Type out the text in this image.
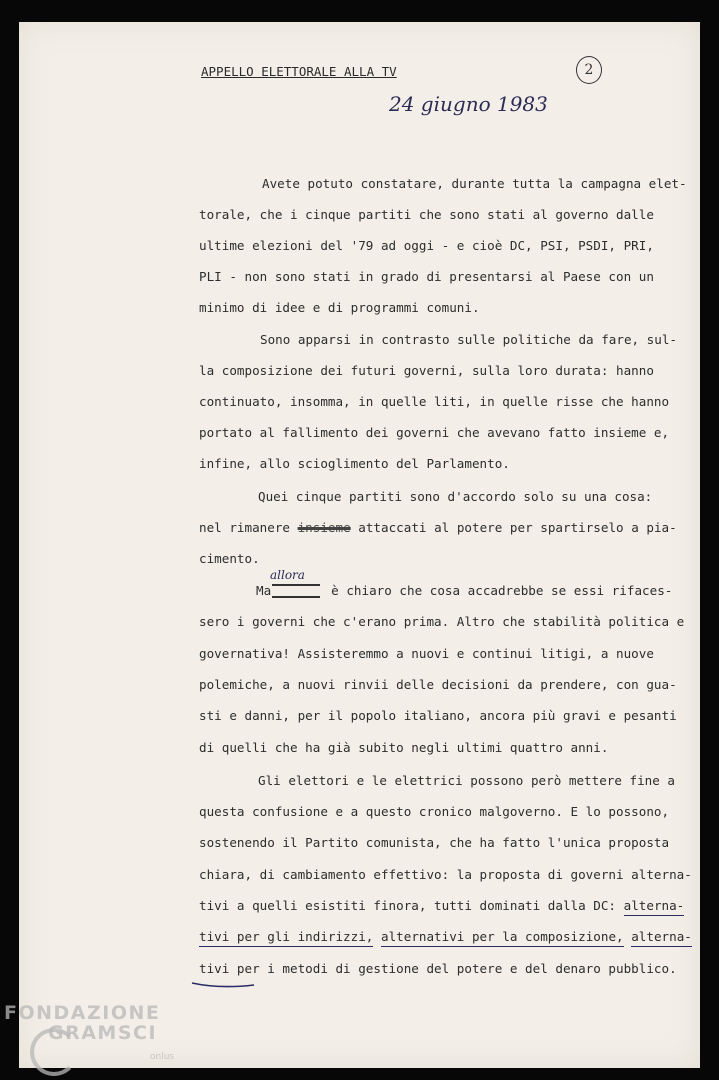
APPELLO ELETTORALE ALLA TV
24 giugno 1983
2
Avete potuto constatare, durante tutta la campagna elet-
torale, che i cinque partiti che sono stati al governo dalle
ultime elezioni del '79 ad oggi - e cioè DC, PSI, PSDI, PRI,
PLI - non sono stati in grado di presentarsi al Paese con un
minimo di idee e di programmi comuni.
Sono apparsi in contrasto sulle politiche da fare, sul-
la composizione dei futuri governi, sulla loro durata: hanno
continuato, insomma, in quelle liti, in quelle risse che hanno
portato al fallimento dei governi che avevano fatto insieme e,
infine, allo scioglimento del Parlamento.
Quei cinque partiti sono d'accordo solo su una cosa:
nel rimanere insieme attaccati al potere per spartirselo a pia-
cimento.
allora
Ma	è chiaro che cosa accadrebbe se essi rifaces-
sero i governi che c'erano prima. Altro che stabilità politica e
governativa! Assisteremmo a nuovi e continui litigi, a nuove
polemiche, a nuovi rinvii delle decisioni da prendere, con gua-
sti e danni, per il popolo italiano, ancora più gravi e pesanti
di quelli che ha già subito negli ultimi quattro anni.
Gli elettori e le elettrici possono però mettere fine a
questa confusione e a questo cronico malgoverno. E lo possono,
sostenendo il Partito comunista, che ha fatto l'unica proposta
chiara, di cambiamento effettivo: la proposta di governi alterna-
tivi a quelli esistiti finora, tutti dominati dalla DC: alterna-
tivi per gli indirizzi, alternativi per la composizione, alterna-
tivi per i metodi di gestione del potere e del denaro pubblico.
FONDAZIONE
GRAMSCI
onlus
